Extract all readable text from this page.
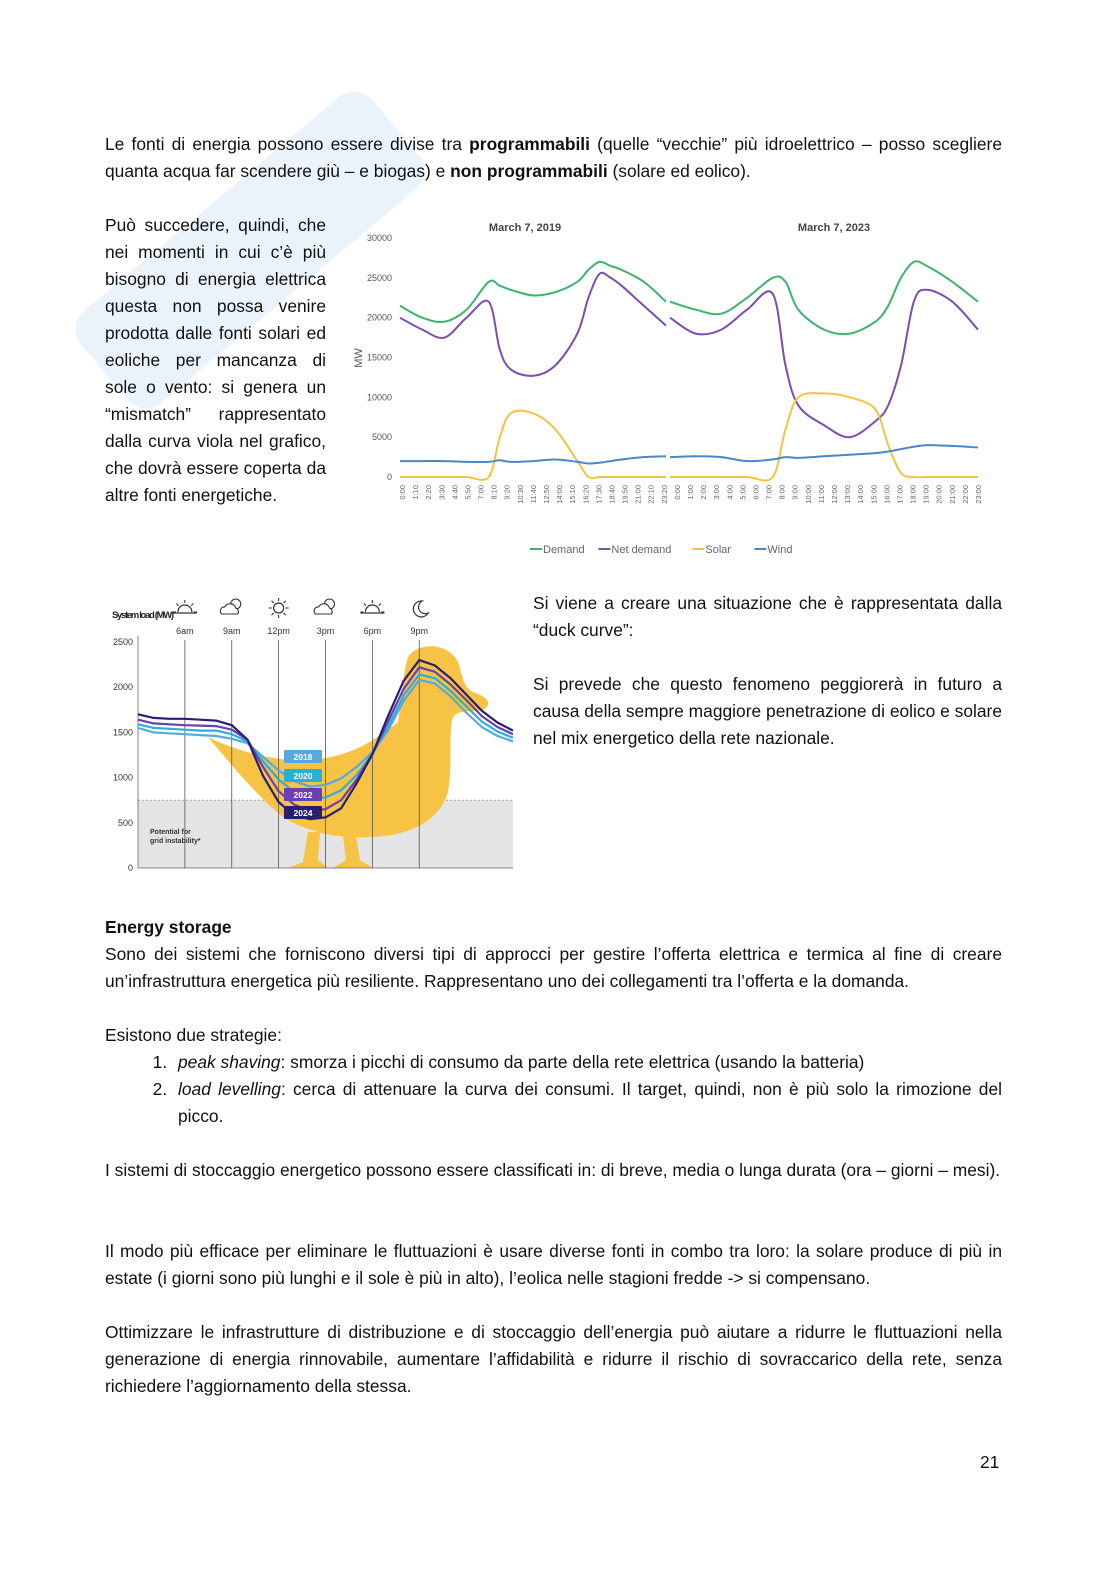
Le fonti di energia possono essere divise tra programmabili (quelle “vecchie” più idroelettrico – posso scegliere quanta acqua far scendere giù – e biogas) e non programmabili (solare ed eolico).
Può succedere, quindi, che nei momenti in cui c’è più bisogno di energia elettrica questa non possa venire prodotta dalle fonti solari ed eoliche per mancanza di sole o vento: si genera un “mismatch” rappresentato dalla curva viola nel grafico, che dovrà essere coperta da altre fonti energetiche.
March 7, 2019	March 7, 2023
MW
0
5000
10000
15000
20000
25000
30000
0:00 1:10 2:20 3:30 4:40 5:50 7:00 8:10 9:20 10:30 11:40 12:50 14:00 15:10 16:20 17:30 18:40 19:50 21:00 22:10 23:20 0:00 1:00 2:00 3:00 4:00 5:00 6:00 7:00 8:00 9:00 10:00 11:00 12:00 13:00 14:00 15:00 16:00 17:00 18:00 19:00 20:00 21:00 22:00 23:00
Demand Net demand	Solar	Wind
System load (MW)
2018
2020
2022
2024
6am	9am	12pm	3pm	6pm	9pm
0
500
1000
1500
2000
2500
Potential for grid instability*
Si viene a creare una situazione che è rappresentata dalla “duck curve”:
Si prevede che questo fenomeno peggiorerà in futuro a causa della sempre maggiore penetrazione di eolico e solare nel mix energetico della rete nazionale.
Energy storage
Sono dei sistemi che forniscono diversi tipi di approcci per gestire l’offerta elettrica e termica al fine di creare un’infrastruttura energetica più resiliente. Rappresentano uno dei collegamenti tra l’offerta e la domanda.
Esistono due strategie:
1. peak shaving: smorza i picchi di consumo da parte della rete elettrica (usando la batteria)
2. load levelling: cerca di attenuare la curva dei consumi. Il target, quindi, non è più solo la rimozione del picco.
I sistemi di stoccaggio energetico possono essere classificati in: di breve, media o lunga durata (ora – giorni – mesi).
Il modo più efficace per eliminare le fluttuazioni è usare diverse fonti in combo tra loro: la solare produce di più in estate (i giorni sono più lunghi e il sole è più in alto), l’eolica nelle stagioni fredde -> si compensano.
Ottimizzare le infrastrutture di distribuzione e di stoccaggio dell’energia può aiutare a ridurre le fluttuazioni nella generazione di energia rinnovabile, aumentare l’affidabilità e ridurre il rischio di sovraccarico della rete, senza richiedere l’aggiornamento della stessa.
21
